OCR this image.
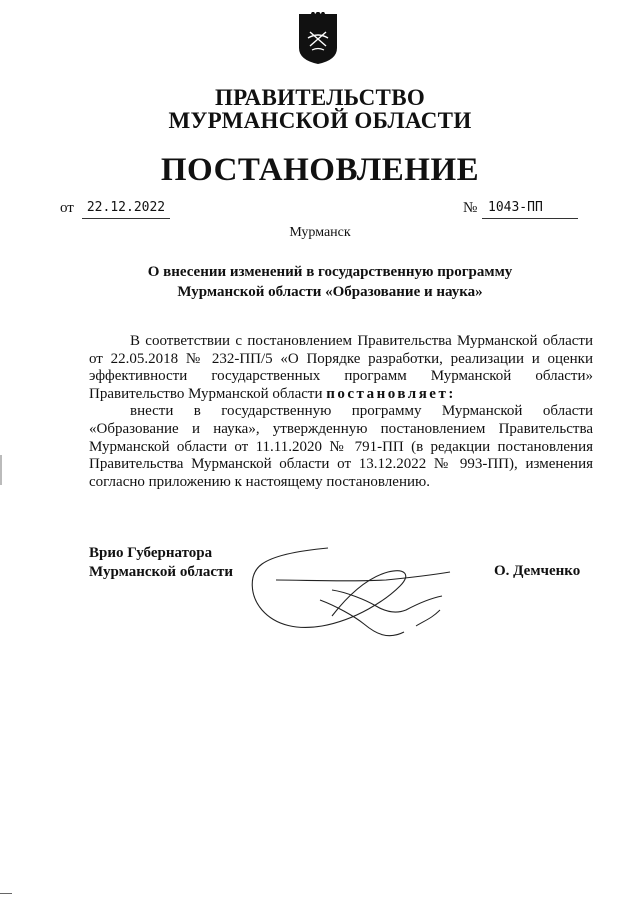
ПРАВИТЕЛЬСТВО
МУРМАНСКОЙ ОБЛАСТИ
ПОСТАНОВЛЕНИЕ
от	22.12.2022	№ 1043-ПП
Мурманск
О внесении изменений в государственную программу
Мурманской области «Образование и наука»

В соответствии с постановлением Правительства Мурманской области от 22.05.2018 № 232-ПП/5 «О Порядке разработки, реализации и оценки эффективности государственных программ Мурманской области» Правительство Мурманской области постановляет:

внести в государственную программу Мурманской области «Образование и наука», утвержденную постановлением Правительства Мурманской области от 11.11.2020 № 791-ПП (в редакции постановления Правительства Мурманской области от 13.12.2022 № 993-ПП), изменения согласно приложению к настоящему постановлению.

Врио Губернатора
Мурманской области	О. Демченко
